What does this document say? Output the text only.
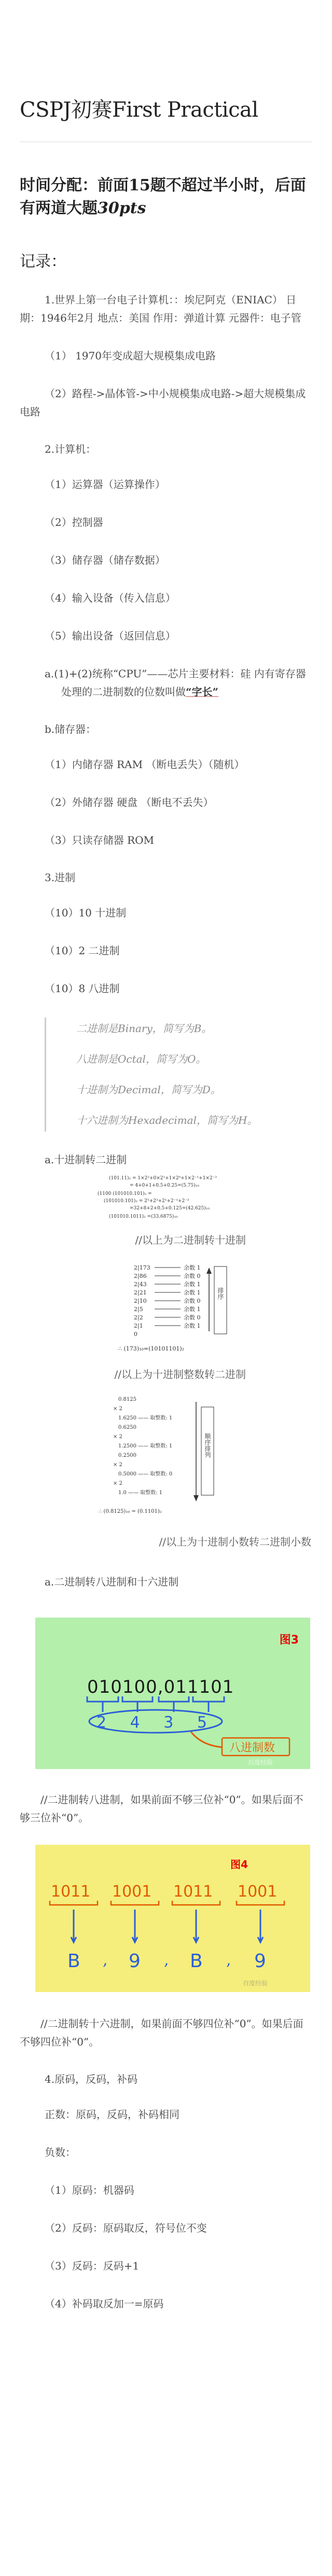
CSPJ初赛First Practical

时间分配：前面15题不超过半小时，后面有两道大题30pts

记录：

1.世界上第一台电子计算机：：埃尼阿克（ENIAC） 日期：1946年2月 地点：美国 作用：弹道计算 元器件：电子管

（1） 1970年变成超大规模集成电路

（2）路程->晶体管->中小规模集成电路->超大规模集成电路

2.计算机：

（1）运算器（运算操作）

（2）控制器

（3）储存器（储存数据）

（4）输入设备（传入信息）

（5）输出设备（返回信息）

a.(1)+(2)统称“CPU”——芯片主要材料：硅 内有寄存器 处理的二进制数的位数叫做“字长”

b.储存器：

（1）内储存器 RAM （断电丢失）（随机）

（2）外储存器 硬盘 （断电不丢失）

（3）只读存储器 ROM

3.进制

（10）10 十进制

（10）2 二进制

（10）8 八进制

二进制是Binary，简写为B。

八进制是Octal，简写为O。

十进制为Decimal，简写为D。

十六进制为Hexadecimal，简写为H。

a.十进制转二进制

(101.11)₂ = 1×2²+0×2¹+1×2⁰+1×2⁻¹+1×2⁻²
= 4+0+1+0.5+0.25=(5.75)₁₀
(1100 (101010.101)₂ =
(101010.101)₂ = 2⁵+2³+2¹+2⁻¹+2⁻³
=32+8+2+0.5+0.125=(42.625)₁₀
(101010.1011)₂ =(33.6875)₁₀

//以上为二进制转十进制

2|173	余数 1
2|86	余数 0
2|43	余数 1
2|21	余数 1
2|10	余数 0
2|5	余数 1
2|2	余数 0
2|1	余数 1
0
排序
∴ (173)₁₀=(10101101)₂

//以上为十进制整数转二进制

0.8125
× 2
1.6250 —— 取整数: 1
0.6250
× 2
1.2500 —— 取整数: 1
0.2500
× 2
0.5000 —— 取整数: 0
× 2
1.0 —— 取整数: 1
顺序排列
∴ (0.8125)₁₀ = (0.1101)₂

//以上为十进制小数转二进制小数

a.二进制转八进制和十六进制

图3
010100,011101
2 4 3 5
八进制数
百度经验

//二进制转八进制，如果前面不够三位补“0”。如果后面不够三位补“0”。

图4
1011 1001 1011 1001
B	9	B	9
,	,	,
百度经验

//二进制转十六进制，如果前面不够四位补“0”。如果后面不够四位补“0”。

4.原码，反码，补码

正数：原码，反码，补码相同

负数：

（1）原码：机器码

（2）反码：原码取反，符号位不变

（3）反码：反码+1

（4）补码取反加一=原码
